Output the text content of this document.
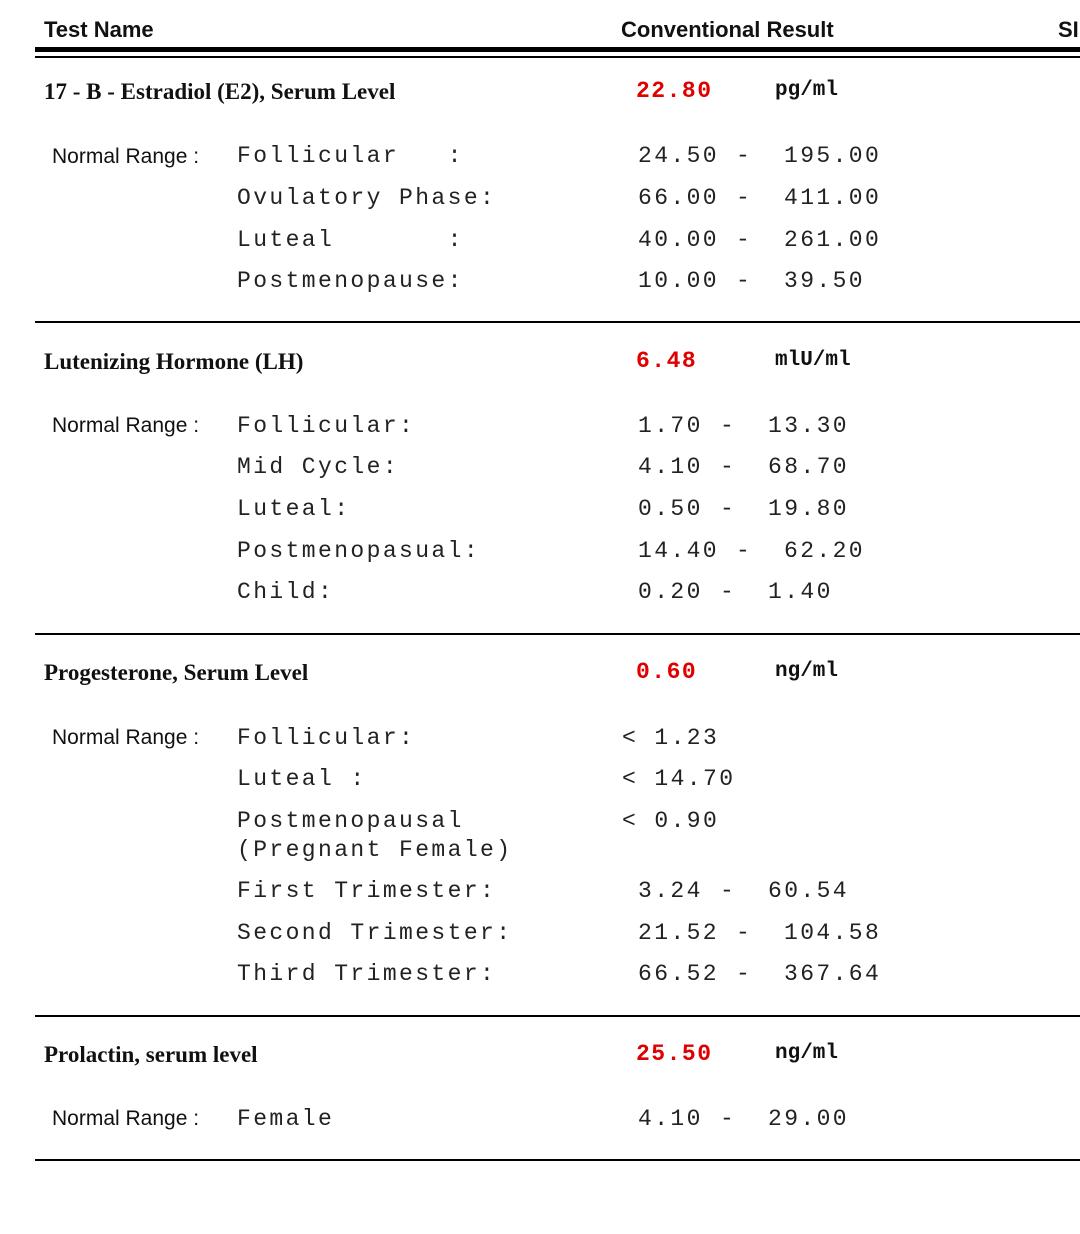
Test Name	Conventional Result	SI
17 - B - Estradiol (E2), Serum Level	22.80	pg/ml
Normal Range : Follicular   :	24.50 - 195.00
Ovulatory Phase:	66.00 - 411.00
Luteal       :	40.00 - 261.00
Postmenopause:	10.00 - 39.50
Lutenizing Hormone (LH)	6.48	mlU/ml
Normal Range : Follicular:	1.70 - 13.30
Mid Cycle:	4.10 - 68.70
Luteal:	0.50 - 19.80
Postmenopasual:	14.40 - 62.20
Child:	0.20 - 1.40
Progesterone, Serum Level	0.60	ng/ml
Normal Range : Follicular:	< 1.23
Luteal :	< 14.70
Postmenopausal	< 0.90
(Pregnant Female)
First Trimester:	3.24 - 60.54
Second Trimester:	21.52 - 104.58
Third Trimester:	66.52 - 367.64
Prolactin, serum level	25.50	ng/ml
Normal Range : Female	4.10 - 29.00
